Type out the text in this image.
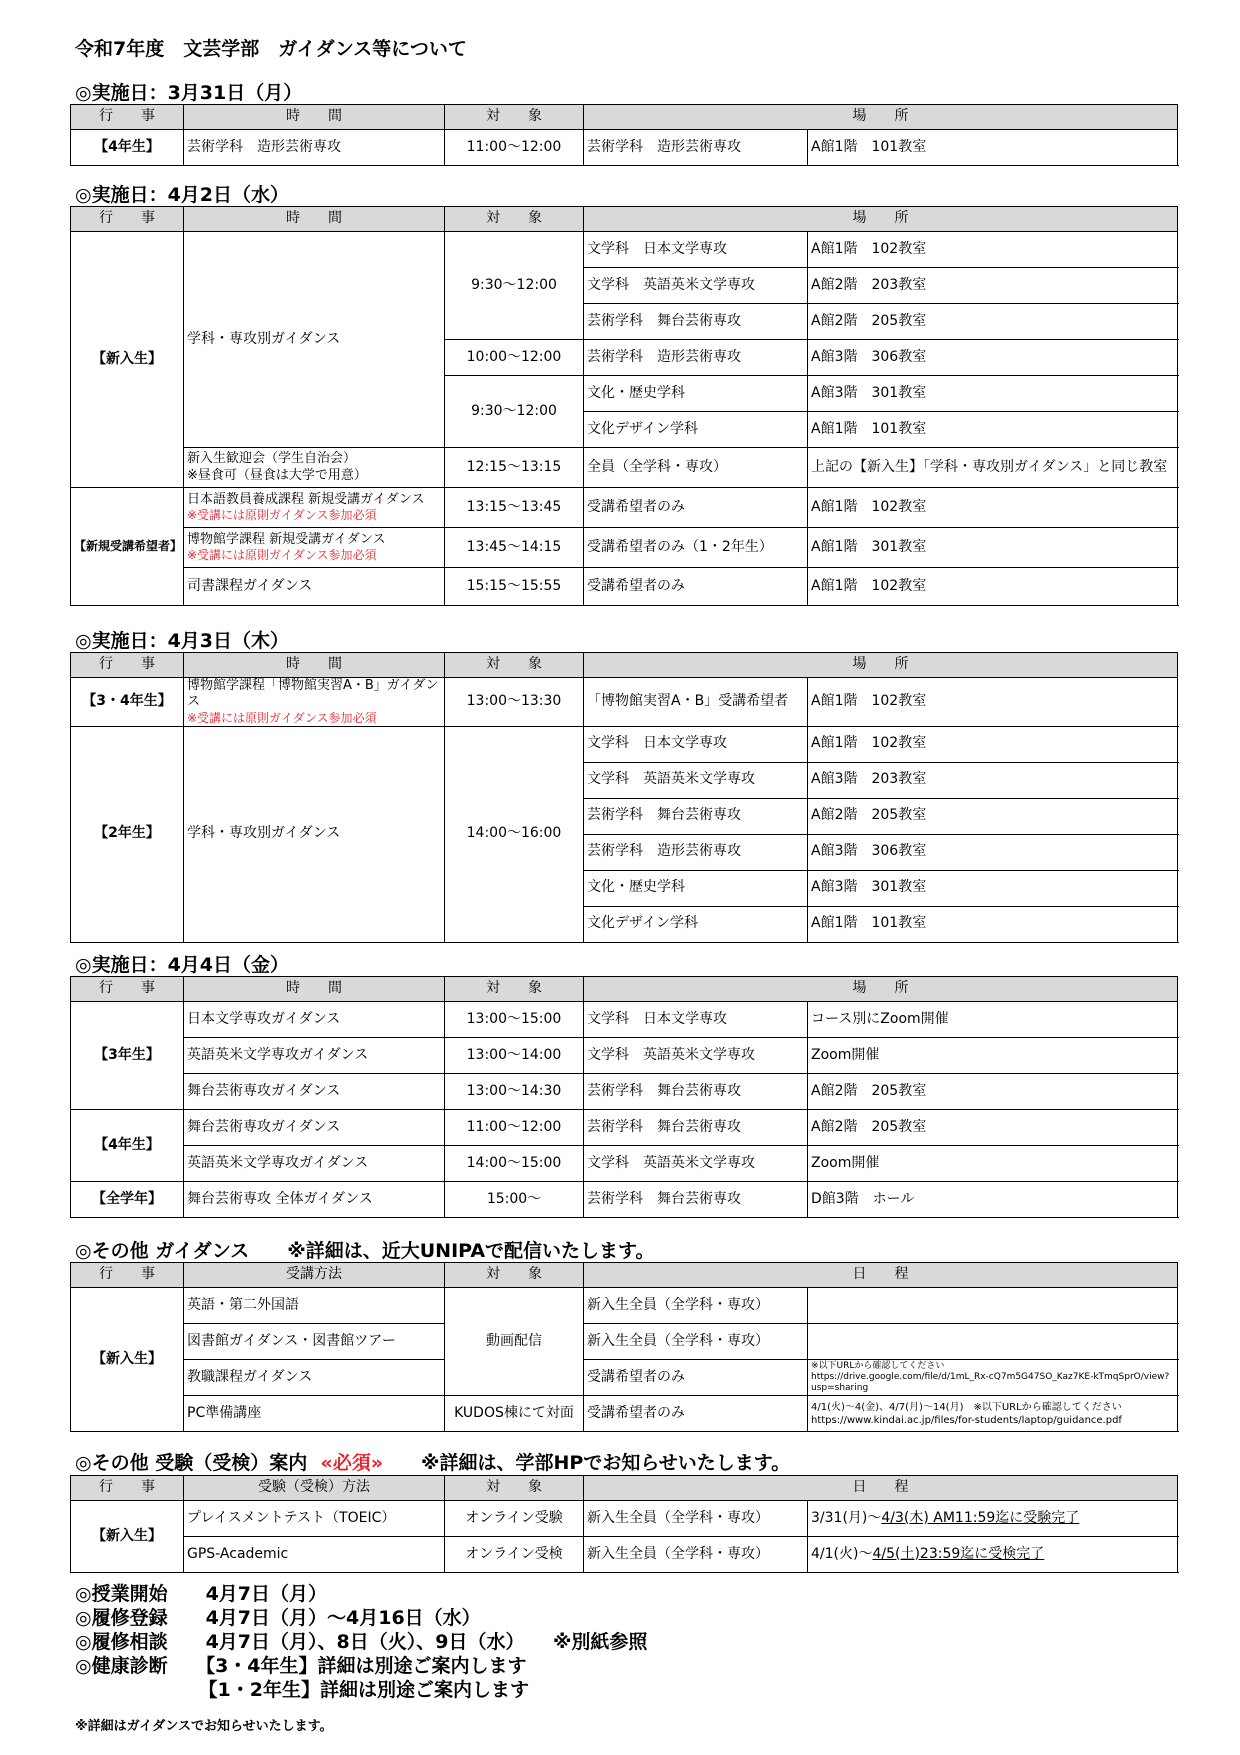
令和7年度　文芸学部　ガイダンス等について
◎実施日：3月31日（月）
行　　事	時　　間	対　　象	場　　所	
【4年生】	芸術学科　造形芸術専攻	11:00～12:00	芸術学科　造形芸術専攻	A館1階　101教室
◎実施日：4月2日（水）
行　　事	時　　間	対　　象	場　　所	
【新入生】	学科・専攻別ガイダンス	9:30～12:00	文学科　日本文学専攻	A館1階　102教室
			文学科　英語英米文学専攻	A館2階　203教室
			芸術学科　舞台芸術専攻	A館2階　205教室
		10:00～12:00	芸術学科　造形芸術専攻	A館3階　306教室
		9:30～12:00	文化・歴史学科	A館3階　301教室
			文化デザイン学科	A館1階　101教室

	新入生歓迎会（学生自治会）
※昼食可（昼食は大学で用意）	12:15～13:15	全員（全学科・専攻）	上記の【新入生】「学科・専攻別ガイダンス」と同じ教室
【新規受講希望者】	日本語教員養成課程 新規受講ガイダンス
※受講には原則ガイダンス参加必須	13:15～13:45	受講希望者のみ	A館1階　102教室

	博物館学課程 新規受講ガイダンス
※受講には原則ガイダンス参加必須	13:45～14:15	受講希望者のみ（1・2年生）	A館1階　301教室
	司書課程ガイダンス	15:15～15:55	受講希望者のみ	A館1階　102教室
◎実施日：4月3日（木）
行　　事	時　　間	対　　象	場　　所	
【3・4年生】	博物館学課程「博物館実習A・B」ガイダンス
※受講には原則ガイダンス参加必須	13:00～13:30	「博物館実習A・B」受講希望者	A館1階　102教室
【2年生】	学科・専攻別ガイダンス	14:00～16:00	文学科　日本文学専攻	A館1階　102教室
			文学科　英語英米文学専攻	A館3階　203教室
			芸術学科　舞台芸術専攻	A館2階　205教室
			芸術学科　造形芸術専攻	A館3階　306教室
			文化・歴史学科	A館3階　301教室
			文化デザイン学科	A館1階　101教室
◎実施日：4月4日（金）
行　　事	時　　間	対　　象	場　　所	
【3年生】	日本文学専攻ガイダンス	13:00～15:00	文学科　日本文学専攻	コース別にZoom開催
	英語英米文学専攻ガイダンス	13:00～14:00	文学科　英語英米文学専攻	Zoom開催
	舞台芸術専攻ガイダンス	13:00～14:30	芸術学科　舞台芸術専攻	A館2階　205教室
【4年生】	舞台芸術専攻ガイダンス	11:00～12:00	芸術学科　舞台芸術専攻	A館2階　205教室
	英語英米文学専攻ガイダンス	14:00～15:00	文学科　英語英米文学専攻	Zoom開催
【全学年】	舞台芸術専攻 全体ガイダンス	15:00～	芸術学科　舞台芸術専攻	D館3階　ホール
◎その他 ガイダンス　　 ※詳細は、近大UNIPAで配信いたします。
行　　事	受講方法	対　　象	日　　程	
【新入生】	英語・第二外国語	動画配信	新入生全員（全学科・専攻）	
	図書館ガイダンス・図書館ツアー		新入生全員（全学科・専攻）	
	教職課程ガイダンス		受講希望者のみ	※以下URLから確認してください
https://drive.google.com/file/d/1mL_Rx-cQ7m5G47SO_Kaz7KE-kTmqSprO/view?usp=sharing

	PC準備講座	KUDOS棟にて対面	受講希望者のみ	4/1(火)～4(金)、4/7(月)～14(月)　※以下URLから確認してください
https://www.kindai.ac.jp/files/for-students/laptop/guidance.pdf
◎その他 受験（受検）案内 «必須»　　 ※詳細は、学部HPでお知らせいたします。
行　　事	受験（受検）方法	対　　象	日　　程	
【新入生】	プレイスメントテスト（TOEIC）	オンライン受験	新入生全員（全学科・専攻）	3/31(月)～4/3(木) AM11:59迄に受験完了
	GPS-Academic	オンライン受検	新入生全員（全学科・専攻）	4/1(火)～4/5(土)23:59迄に受検完了
◎授業開始　　4月7日（月）
◎履修登録　　4月7日（月）～4月16日（水）
◎履修相談　　4月7日（月）、8日（火）、9日（水）　　※別紙参照
◎健康診断　　【3・4年生】詳細は別途ご案内します
　　　　　　　【1・2年生】詳細は別途ご案内します
※詳細はガイダンスでお知らせいたします。
